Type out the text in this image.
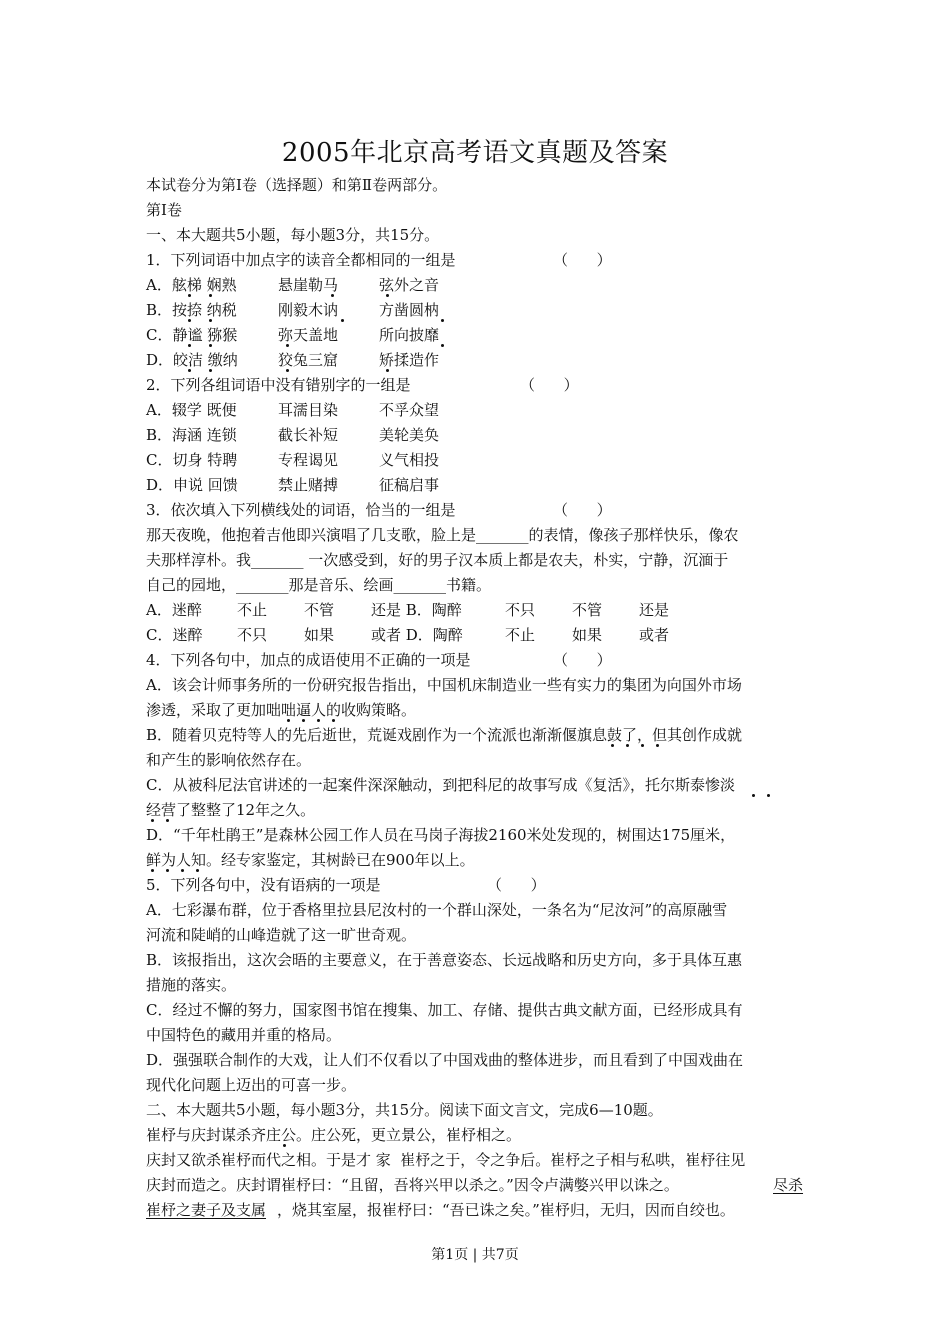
2005年北京高考语文真题及答案
本试卷分为第Ⅰ卷（选择题）和第Ⅱ卷两部分。
第Ⅰ卷
一、本大题共5小题，每小题3分，共15分。
1．下列词语中加点字的读音全都相同的一组是	（      ）
A．舷梯 娴熟	悬崖勒马	弦外之音
B．按捺 纳税	刚毅木讷	方凿圆枘
C．静谧 猕猴	弥天盖地	所向披靡
D．皎洁 缴纳	狡兔三窟	矫揉造作
2．下列各组词语中没有错别字的一组是	（      ）
A．辍学 既便	耳濡目染	不孚众望
B．海涵 连锁	截长补短	美轮美奂
C．切身 特聘	专程谒见	义气相投
D．申说 回馈	禁止赌搏	征稿启事
3．依次填入下列横线处的词语，恰当的一组是	（      ）
那天夜晚，他抱着吉他即兴演唱了几支歌，脸上是_______的表情，像孩子那样快乐，像农
夫那样淳朴。我_______ 一次感受到，好的男子汉本质上都是农夫，朴实，宁静，沉湎于
自己的园地，_______那是音乐、绘画_______书籍。
A．迷醉 不止 不管 还是 B．陶醉	不只 不管 还是
C．迷醉 不只 如果 或者 D．陶醉	不止 如果 或者
4．下列各句中，加点的成语使用不正确的一项是	（      ）
A．该会计师事务所的一份研究报告指出，中国机床制造业一些有实力的集团为向国外市场
渗透，采取了更加咄咄逼人的收购策略。
B．随着贝克特等人的先后逝世，荒诞戏剧作为一个流派也渐渐偃旗息鼓了，但其创作成就
和产生的影响依然存在。
C．从被科尼法官讲述的一起案件深深触动，到把科尼的故事写成《复活》，托尔斯泰惨淡
经营了整整了12年之久。
D．“千年杜鹃王”是森林公园工作人员在马岗子海拔2160米处发现的，树围达175厘米，
鲜为人知。经专家鉴定，其树龄已在900年以上。
5．下列各句中，没有语病的一项是	（      ）
A．七彩瀑布群，位于香格里拉县尼汝村的一个群山深处，一条名为“尼汝河”的高原融雪
河流和陡峭的山峰造就了这一旷世奇观。
B．该报指出，这次会晤的主要意义，在于善意姿态、长远战略和历史方向，多于具体互惠
措施的落实。
C．经过不懈的努力，国家图书馆在搜集、加工、存储、提供古典文献方面，已经形成具有
中国特色的藏用并重的格局。
D．强强联合制作的大戏，让人们不仅看以了中国戏曲的整体进步，而且看到了中国戏曲在
现代化问题上迈出的可喜一步。
二、本大题共5小题，每小题3分，共15分。阅读下面文言文，完成6—10题。
崔杼与庆封谋杀齐庄公。庄公死，更立景公，崔杼相之。
庆封又欲杀崔杼而代之相。于是才 家  崔杼之于，令之争后。崔杼之子相与私哄，崔杼往见
庆封而造之。庆封谓崔杼曰：“且留，吾将兴甲以杀之。”因令卢满嫳兴甲以诛之。	尽杀
崔杼之妻子及支属 ，烧其室屋，报崔杼曰：“吾已诛之矣。”崔杼归，无归，因而自绞也。
第1页 | 共7页
